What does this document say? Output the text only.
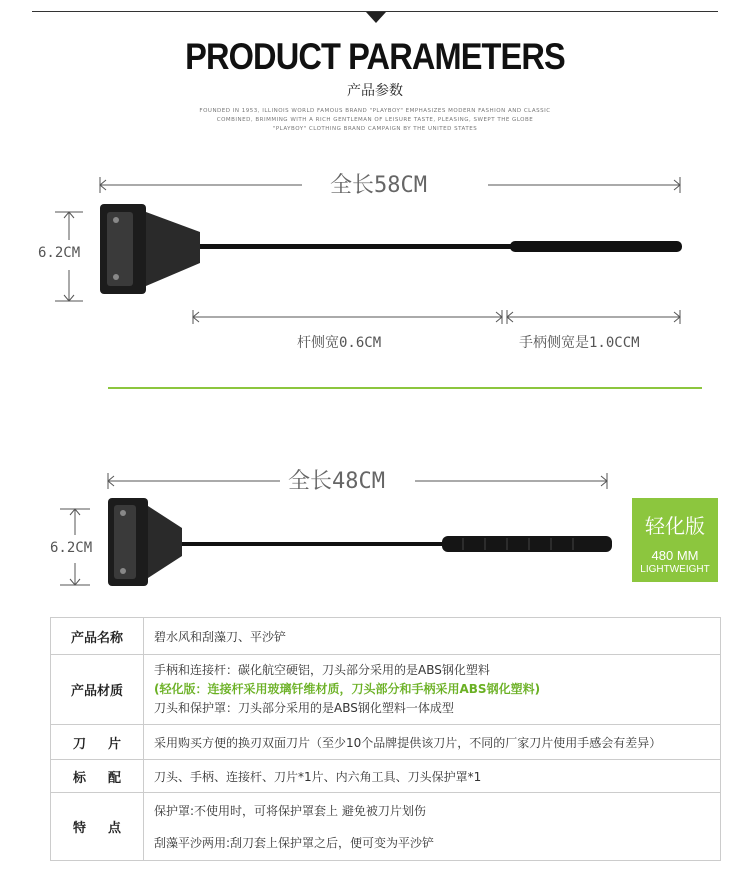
PRODUCT PARAMETERS
产品参数
FOUNDED IN 1953, ILLINOIS WORLD FAMOUS BRAND "PLAYBOY" EMPHASIZES MODERN FASHION AND CLASSIC
COMBINED, BRIMMING WITH A RICH GENTLEMAN OF LEISURE TASTE, PLEASING, SWEPT THE GLOBE
"PLAYBOY" CLOTHING BRAND CAMPAIGN BY THE UNITED STATES
全长58CM
6.2CM
杆侧宽0.6CM	手柄侧宽是1.0CCM
全长48CM
6.2CM
轻化版
480 MM
LIGHTWEIGHT
产品名称	碧水风和刮藻刀、平沙铲
产品材质	手柄和连接杆：碳化航空硬铝，刀头部分采用的是ABS钢化塑料
(轻化版：连接杆采用玻璃钎维材质，刀头部分和手柄采用ABS钢化塑料)
刀头和保护罩：刀头部分采用的是ABS钢化塑料一体成型

刀片	采用购买方便的换刃双面刀片（至少10个品牌提供该刀片，不同的厂家刀片使用手感会有差异）
标配	刀头、手柄、连接杆、刀片*1片、内六角工具、刀头保护罩*1
特点	保护罩:不使用时，可将保护罩套上 避免被刀片划伤
刮藻平沙两用:刮刀套上保护罩之后，便可变为平沙铲
